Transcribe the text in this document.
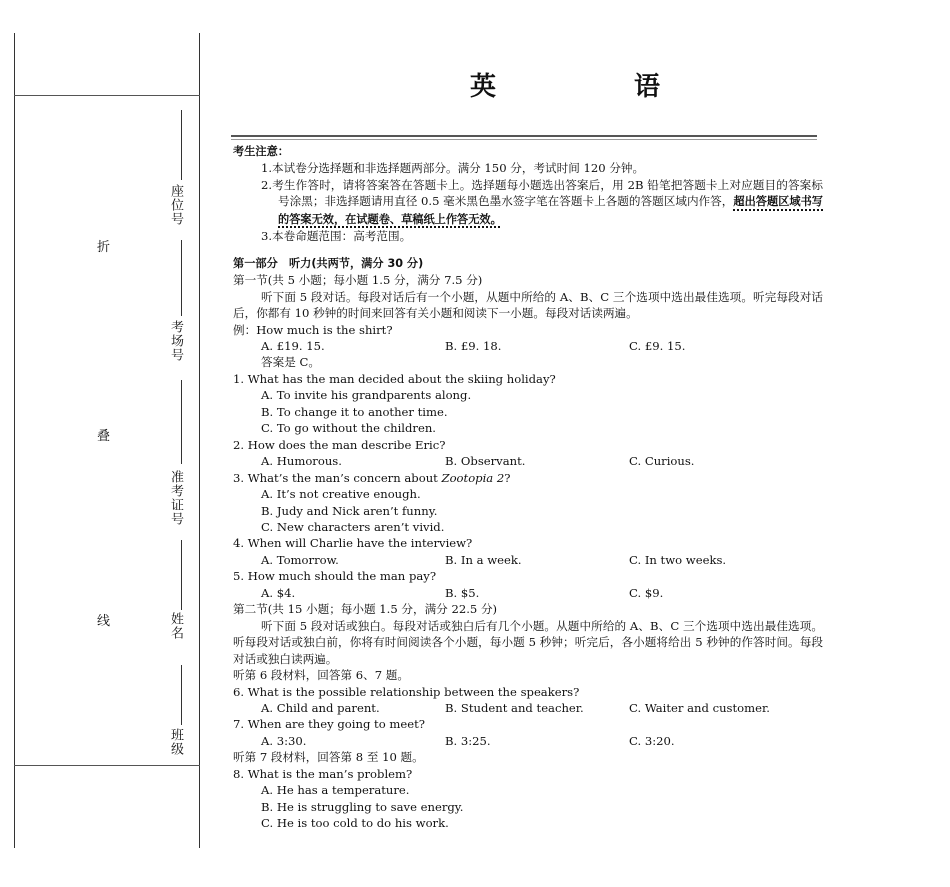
折
叠
线
座位号
考场号
准考证号
姓名
班级
英　语

考生注意：

1.本试卷分选择题和非选择题两部分。满分 150 分，考试时间 120 分钟。

2.考生作答时，请将答案答在答题卡上。选择题每小题选出答案后，用 2B 铅笔把答题卡上对应题目的答案标号涂黑；非选择题请用直径 0.5 毫米黑色墨水签字笔在答题卡上各题的答题区域内作答，超出答题区域书写的答案无效，在试题卷、草稿纸上作答无效。

3.本卷命题范围：高考范围。

第一部分　听力(共两节，满分 30 分)

第一节(共 5 小题；每小题 1.5 分，满分 7.5 分)

听下面 5 段对话。每段对话后有一个小题，从题中所给的 A、B、C 三个选项中选出最佳选项。听完每段对话后，你都有 10 秒钟的时间来回答有关小题和阅读下一小题。每段对话读两遍。

例：How much is the shirt?

A. £19. 15.	B. £9. 18.	C. £9. 15.

答案是 C。

1. What has the man decided about the skiing holiday?

A. To invite his grandparents along.

B. To change it to another time.

C. To go without the children.

2. How does the man describe Eric?

A. Humorous.	B. Observant.	C. Curious.

3. What’s the man’s concern about Zootopia 2?

A. It’s not creative enough.

B. Judy and Nick aren’t funny.

C. New characters aren’t vivid.

4. When will Charlie have the interview?

A. Tomorrow.	B. In a week.	C. In two weeks.

5. How much should the man pay?

A. $4.	B. $5.	C. $9.

第二节(共 15 小题；每小题 1.5 分，满分 22.5 分)

听下面 5 段对话或独白。每段对话或独白后有几个小题。从题中所给的 A、B、C 三个选项中选出最佳选项。听每段对话或独白前，你将有时间阅读各个小题，每小题 5 秒钟；听完后，各小题将给出 5 秒钟的作答时间。每段对话或独白读两遍。

听第 6 段材料，回答第 6、7 题。

6. What is the possible relationship between the speakers?

A. Child and parent.	B. Student and teacher.	C. Waiter and customer.

7. When are they going to meet?

A. 3:30.	B. 3:25.	C. 3:20.

听第 7 段材料，回答第 8 至 10 题。

8. What is the man’s problem?

A. He has a temperature.

B. He is struggling to save energy.

C. He is too cold to do his work.
